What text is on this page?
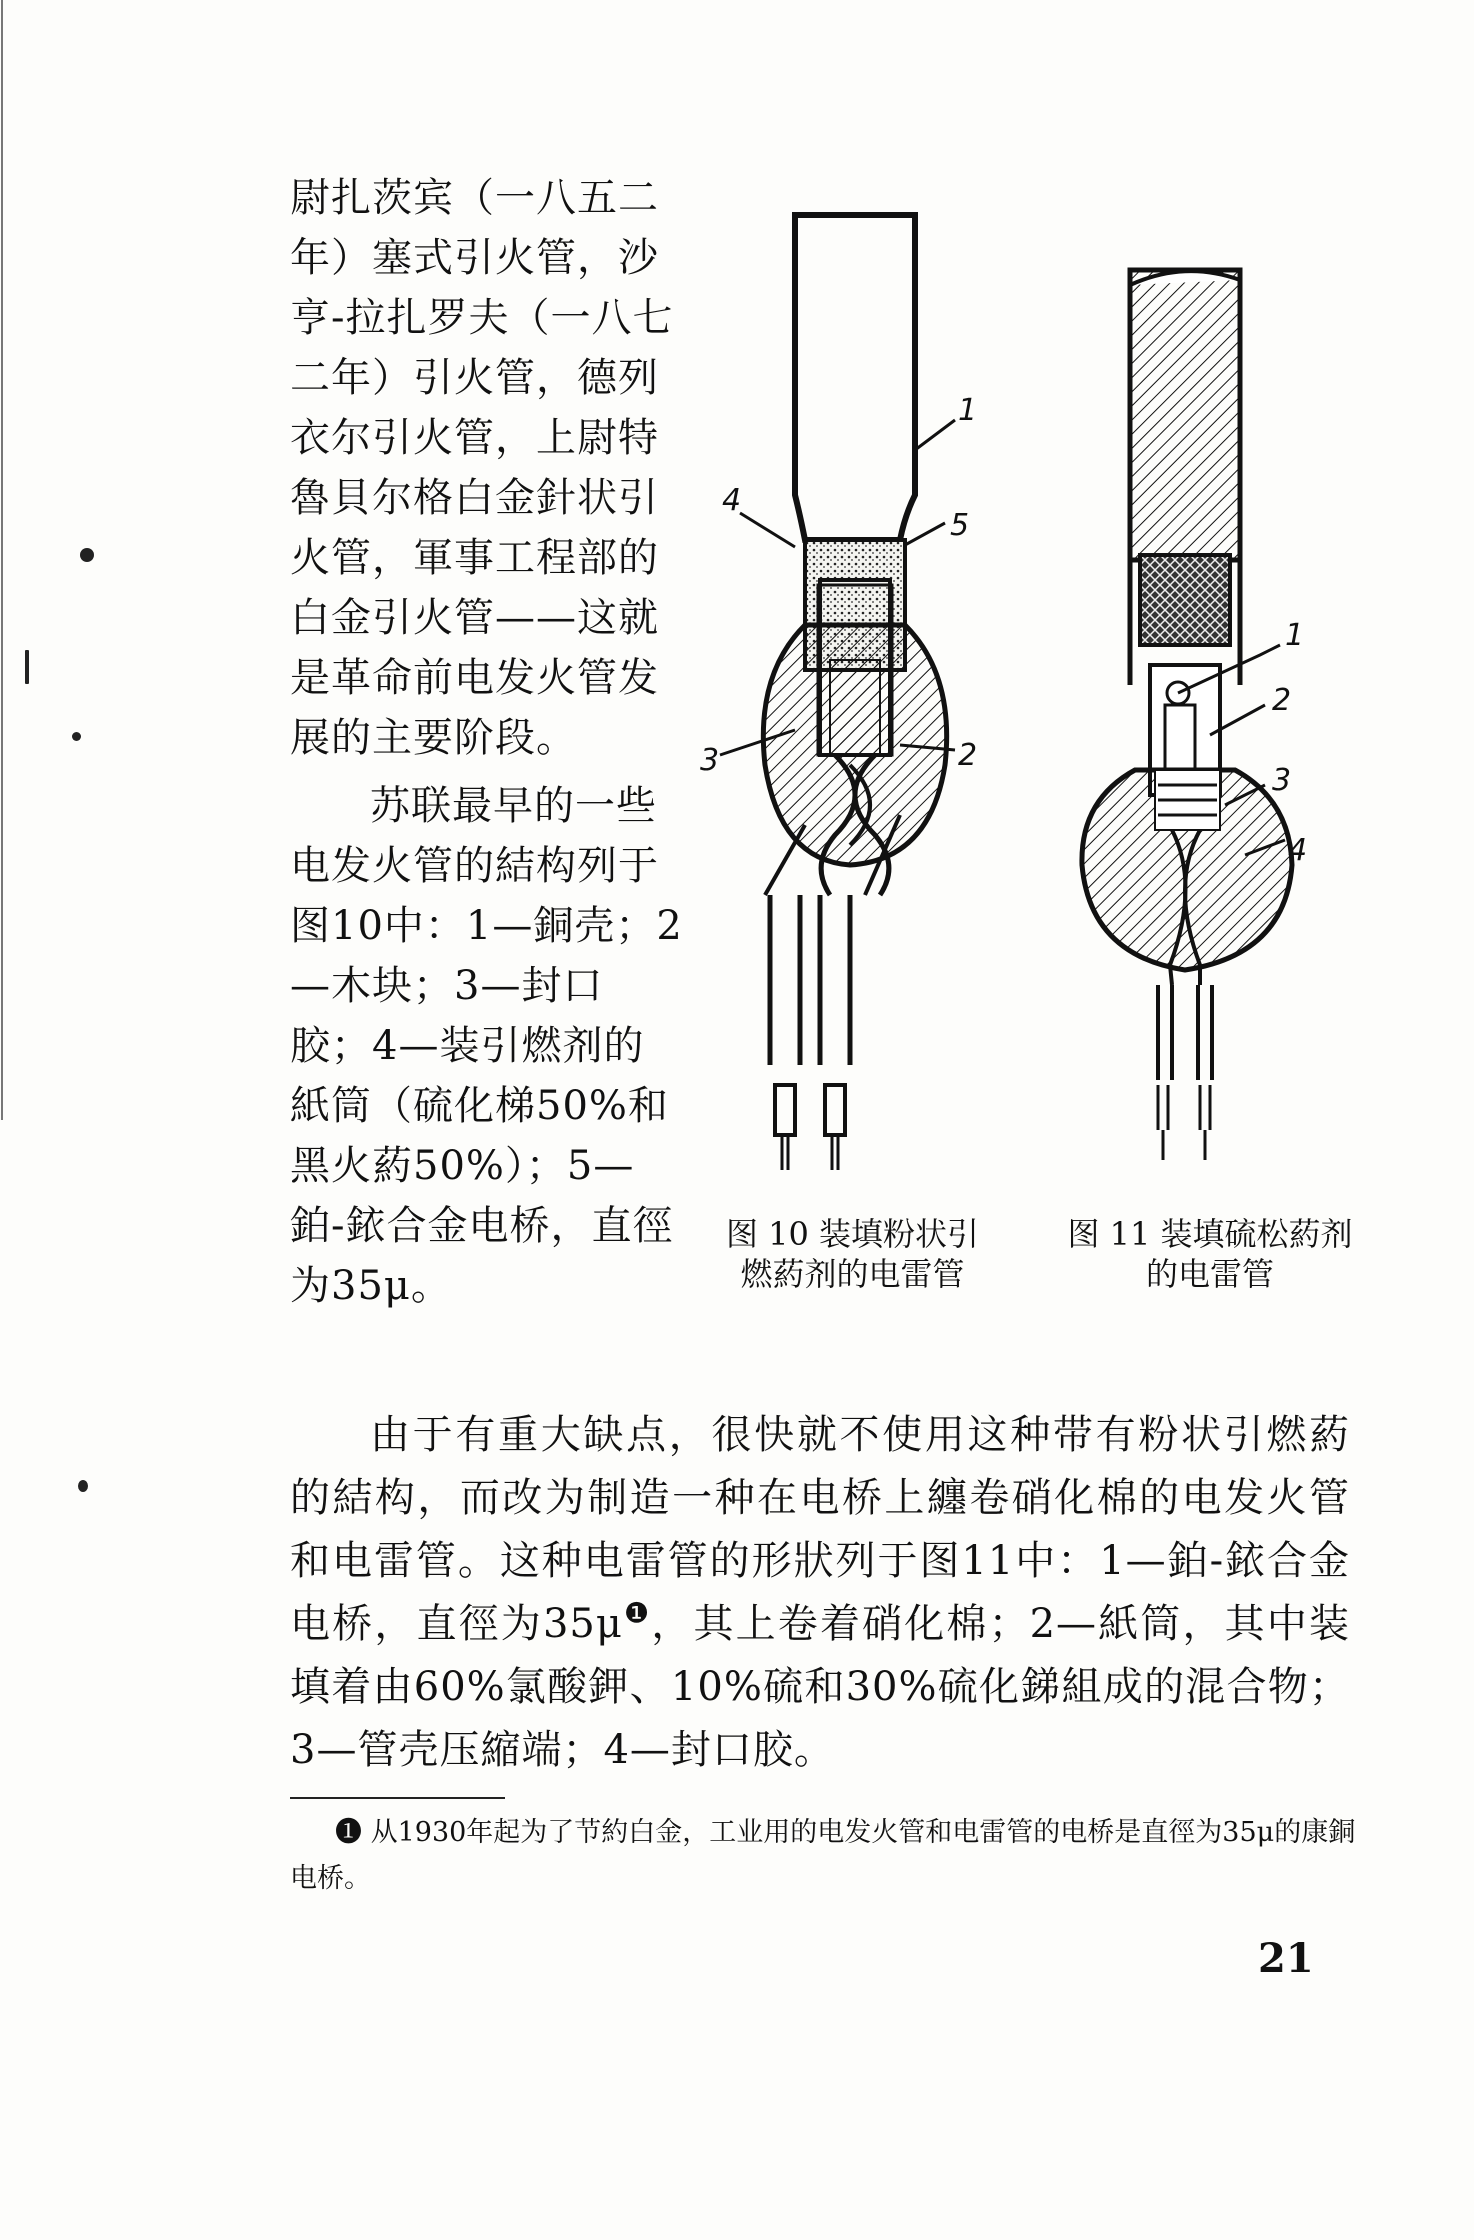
尉扎茨宾（一八五二年）塞式引火管，沙亨-拉扎罗夫（一八七二年）引火管，德列衣尔引火管，上尉特魯貝尔格白金針状引火管，軍事工程部的白金引火管——这就是革命前电发火管发展的主要阶段。

苏联最早的一些电发火管的結构列于图10中：1—銅壳；2—木块；3—封口胶；4—装引燃剂的紙筒（硫化梯50%和黑火葯50%）；5—鉑-銥合金电桥，直徑为35μ。

1
4
5
3	2
1
2
3
4
图 10 装填粉状引燃葯剂的电雷管
图 11 装填硫松葯剂的电雷管

由于有重大缺点，很快就不使用这种带有粉状引燃葯的結构，而改为制造一种在电桥上纏卷硝化棉的电发火管和电雷管。这种电雷管的形狀列于图11中：1—鉑-銥合金电桥，直徑为35μ$^❶$，其上卷着硝化棉；2—紙筒，其中装填着由60%氯酸鉀、10%硫和30%硫化銻組成的混合物；3—管壳压縮端；4—封口胶。

❶ 从1930年起为了节約白金，工业用的电发火管和电雷管的电桥是直徑为35μ的康銅电桥。

21
